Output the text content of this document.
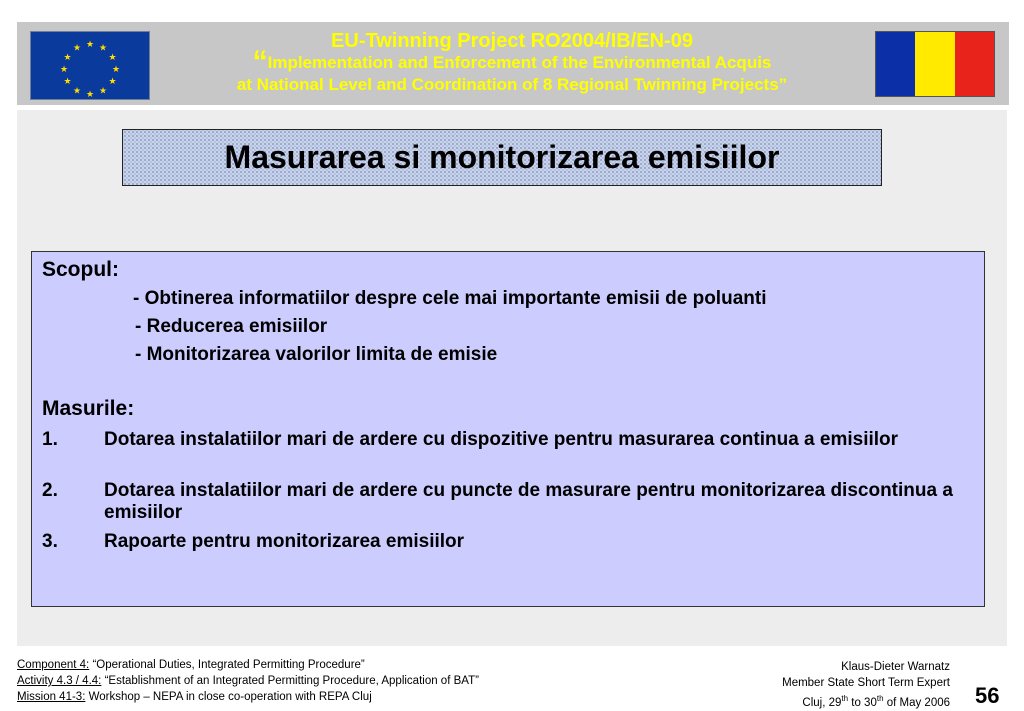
★ ★
★
★
★
★
★
★
★
★
★
★	EU-Twinning Project RO2004/IB/EN-09
“Implementation and Enforcement of the Environmental Acquis
at National Level and Coordination of 8 Regional Twinning Projects”
Masurarea si monitorizarea emisiilor
Scopul:
- Obtinerea informatiilor despre cele mai importante emisii de poluanti
- Reducerea emisiilor
- Monitorizarea valorilor limita de emisie
Masurile:
1. Dotarea instalatiilor mari de ardere cu dispozitive pentru masurarea continua a emisiilor
2. Dotarea instalatiilor mari de ardere cu puncte de masurare pentru monitorizarea discontinua a emisiilor
3. Rapoarte pentru monitorizarea emisiilor
Component 4: “Operational Duties, Integrated Permitting Procedure”
Activity 4.3 / 4.4: “Establishment of an Integrated Permitting Procedure, Application of BAT”
Mission 41-3: Workshop – NEPA in close co-operation with REPA Cluj
Klaus-Dieter Warnatz
Member State Short Term Expert
Cluj, 29th to 30th of May 2006 56
